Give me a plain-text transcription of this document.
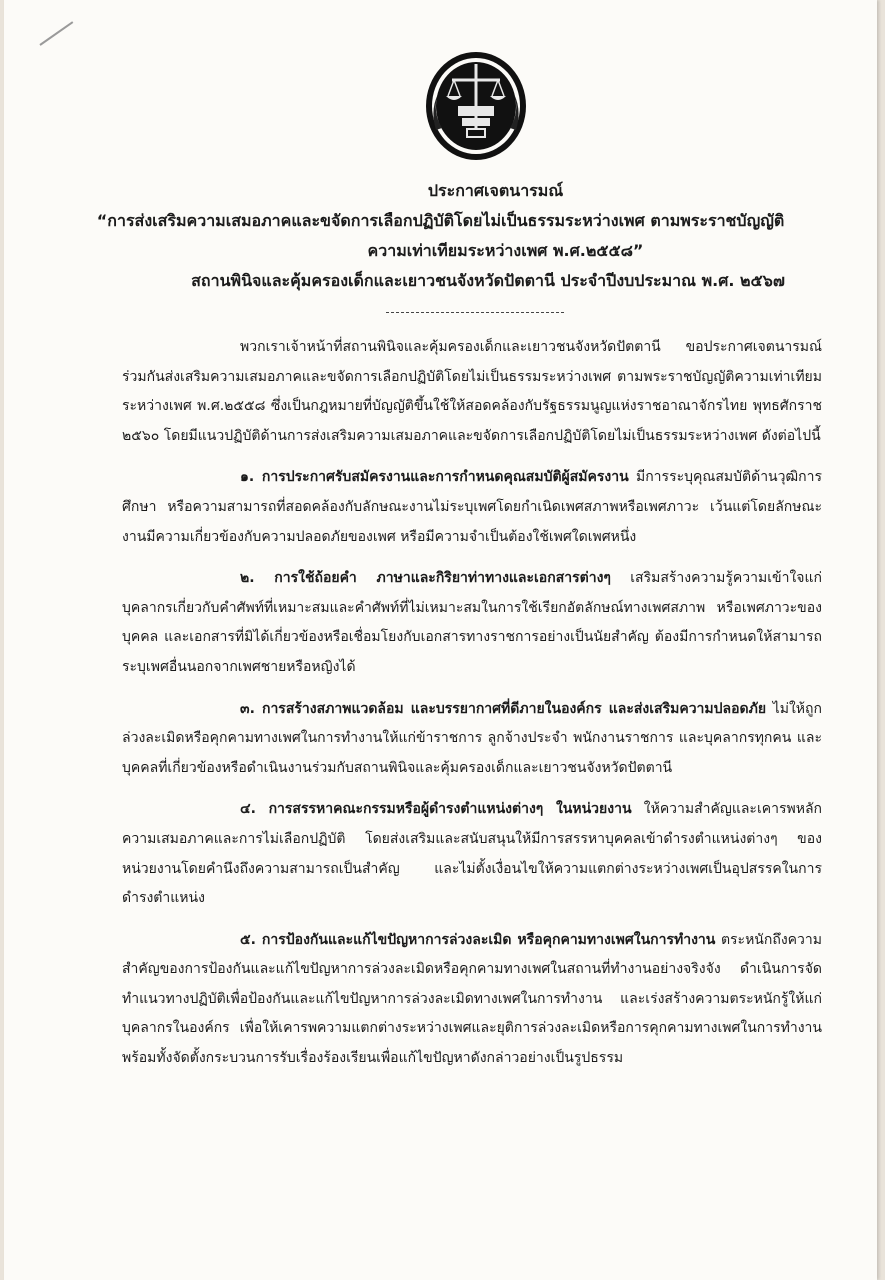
ประกาศเจตนารมณ์
“การส่งเสริมความเสมอภาคและขจัดการเลือกปฏิบัติโดยไม่เป็นธรรมระหว่างเพศ ตามพระราชบัญญัติ
ความเท่าเทียมระหว่างเพศ พ.ศ.๒๕๕๘”
สถานพินิจและคุ้มครองเด็กและเยาวชนจังหวัดปัตตานี ประจำปีงบประมาณ พ.ศ. ๒๕๖๗

พวกเราเจ้าหน้าที่สถานพินิจและคุ้มครองเด็กและเยาวชนจังหวัดปัตตานี ขอประกาศเจตนารมณ์ร่วมกันส่งเสริมความเสมอภาคและขจัดการเลือกปฏิบัติโดยไม่เป็นธรรมระหว่างเพศ ตามพระราชบัญญัติความเท่าเทียมระหว่างเพศ พ.ศ.๒๕๕๘ ซึ่งเป็นกฎหมายที่บัญญัติขึ้นใช้ให้สอดคล้องกับรัฐธรรมนูญแห่งราชอาณาจักรไทย พุทธศักราช ๒๕๖๐ โดยมีแนวปฏิบัติด้านการส่งเสริมความเสมอภาคและขจัดการเลือกปฏิบัติโดยไม่เป็นธรรมระหว่างเพศ ดังต่อไปนี้

๑. การประกาศรับสมัครงานและการกำหนดคุณสมบัติผู้สมัครงาน มีการระบุคุณสมบัติด้านวุฒิการศึกษา หรือความสามารถที่สอดคล้องกับลักษณะงานไม่ระบุเพศโดยกำเนิดเพศสภาพหรือเพศภาวะ เว้นแต่โดยลักษณะงานมีความเกี่ยวข้องกับความปลอดภัยของเพศ หรือมีความจำเป็นต้องใช้เพศใดเพศหนึ่ง

๒. การใช้ถ้อยคำ ภาษาและกิริยาท่าทางและเอกสารต่างๆ เสริมสร้างความรู้ความเข้าใจแก่บุคลากรเกี่ยวกับคำศัพท์ที่เหมาะสมและคำศัพท์ที่ไม่เหมาะสมในการใช้เรียกอัตลักษณ์ทางเพศสภาพ หรือเพศภาวะของบุคคล และเอกสารที่มิได้เกี่ยวข้องหรือเชื่อมโยงกับเอกสารทางราชการอย่างเป็นนัยสำคัญ ต้องมีการกำหนดให้สามารถระบุเพศอื่นนอกจากเพศชายหรือหญิงได้

๓. การสร้างสภาพแวดล้อม และบรรยากาศที่ดีภายในองค์กร และส่งเสริมความปลอดภัย ไม่ให้ถูกล่วงละเมิดหรือคุกคามทางเพศในการทำงานให้แก่ข้าราชการ ลูกจ้างประจำ พนักงานราชการ และบุคลากรทุกคน และบุคคลที่เกี่ยวข้องหรือดำเนินงานร่วมกับสถานพินิจและคุ้มครองเด็กและเยาวชนจังหวัดปัตตานี

๔. การสรรหาคณะกรรมหรือผู้ดำรงตำแหน่งต่างๆ ในหน่วยงาน ให้ความสำคัญและเคารพหลักความเสมอภาคและการไม่เลือกปฏิบัติ โดยส่งเสริมและสนับสนุนให้มีการสรรหาบุคคลเข้าดำรงตำแหน่งต่างๆ ของหน่วยงานโดยคำนึงถึงความสามารถเป็นสำคัญ และไม่ตั้งเงื่อนไขให้ความแตกต่างระหว่างเพศเป็นอุปสรรคในการดำรงตำแหน่ง

๕. การป้องกันและแก้ไขปัญหาการล่วงละเมิด หรือคุกคามทางเพศในการทำงาน ตระหนักถึงความสำคัญของการป้องกันและแก้ไขปัญหาการล่วงละเมิดหรือคุกคามทางเพศในสถานที่ทำงานอย่างจริงจัง ดำเนินการจัดทำแนวทางปฏิบัติเพื่อป้องกันและแก้ไขปัญหาการล่วงละเมิดทางเพศในการทำงาน และเร่งสร้างความตระหนักรู้ให้แก่บุคลากรในองค์กร เพื่อให้เคารพความแตกต่างระหว่างเพศและยุติการล่วงละเมิดหรือการคุกคามทางเพศในการทำงาน พร้อมทั้งจัดตั้งกระบวนการรับเรื่องร้องเรียนเพื่อแก้ไขปัญหาดังกล่าวอย่างเป็นรูปธรรม
